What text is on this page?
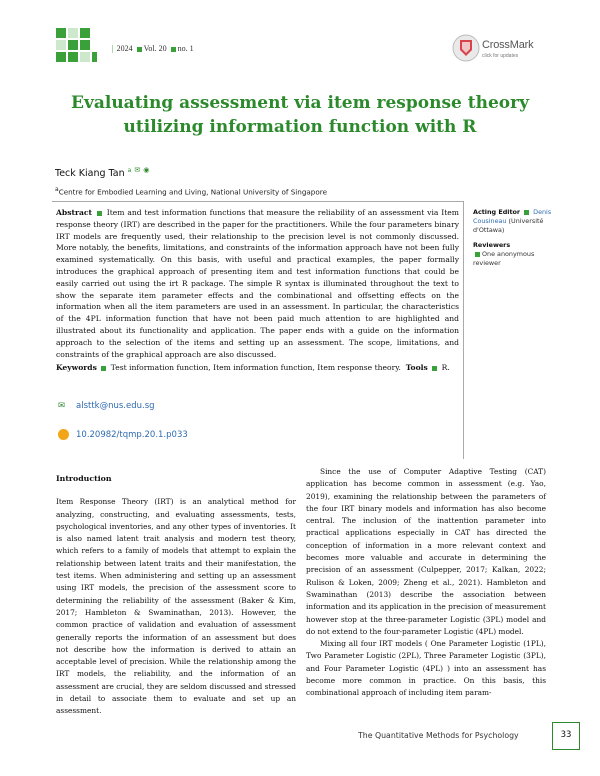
| 2024 Vol. 20 no. 1	CrossMark
click for updates
Evaluating assessment via item response theory
utilizing information function with R
Teck Kiang Tan $^a$ ✉ ◉
$^a$Centre for Embodied Learning and Living, National University of Singapore
Abstract Item and test information functions that measure the reliability of an assessment via Item response theory (IRT) are described in the paper for the practitioners. While the four parameters binary IRT models are frequently used, their relationship to the precision level is not commonly discussed. More notably, the benefits, limitations, and constraints of the information approach have not been fully examined systematically. On this basis, with useful and practical examples, the paper formally introduces the graphical approach of presenting item and test information functions that could be easily carried out using the irt R package. The simple R syntax is illuminated throughout the text to show the separate item parameter effects and the combinational and offsetting effects on the information when all the item parameters are used in an assessment. In particular, the characteristics of the 4PL information function that have not been paid much attention to are highlighted and illustrated about its functionality and application. The paper ends with a guide on the information approach to the selection of the items and setting up an assessment. The scope, limitations, and constraints of the graphical approach are also discussed.
Keywords Test information function, Item information function, Item response theory. Tools R.
✉ alsttk@nus.edu.sg
10.20982/tqmp.20.1.p033
Acting Editor Denis Cousineau (Université d'Ottawa)
Reviewers
One anonymous reviewer
Introduction

Item Response Theory (IRT) is an analytical method for analyzing, constructing, and evaluating assessments, tests, psychological inventories, and any other types of inventories. It is also named latent trait analysis and modern test theory, which refers to a family of models that attempt to explain the relationship between latent traits and their manifestation, the test items. When administering and setting up an assessment using IRT models, the precision of the assessment score to determining the reliability of the assessment (Baker & Kim, 2017; Hambleton & Swaminathan, 2013). However, the common practice of validation and evaluation of assessment generally reports the information of an assessment but does not describe how the information is derived to attain an acceptable level of precision. While the relationship among the IRT models, the reliability, and the information of an assessment are crucial, they are seldom discussed and stressed in detail to associate them to evaluate and set up an assessment.

Since the use of Computer Adaptive Testing (CAT) application has become common in assessment (e.g. Yao, 2019), examining the relationship between the parameters of the four IRT binary models and information has also become central. The inclusion of the inattention parameter into practical applications especially in CAT has directed the conception of information in a more relevant context and becomes more valuable and accurate in determining the precision of an assessment (Culpepper, 2017; Kalkan, 2022; Rulison & Loken, 2009; Zheng et al., 2021). Hambleton and Swaminathan (2013) describe the association between information and its application in the precision of measurement however stop at the three-parameter Logistic (3PL) model and do not extend to the four-parameter Logistic (4PL) model.

Mixing all four IRT models ( One Parameter Logistic (1PL), Two Parameter Logistic (2PL), Three Parameter Logistic (3PL), and Four Parameter Logistic (4PL) ) into an assessment has become more common in practice. On this basis, this combinational approach of including item param-

The Quantitative Methods for Psychology	33
